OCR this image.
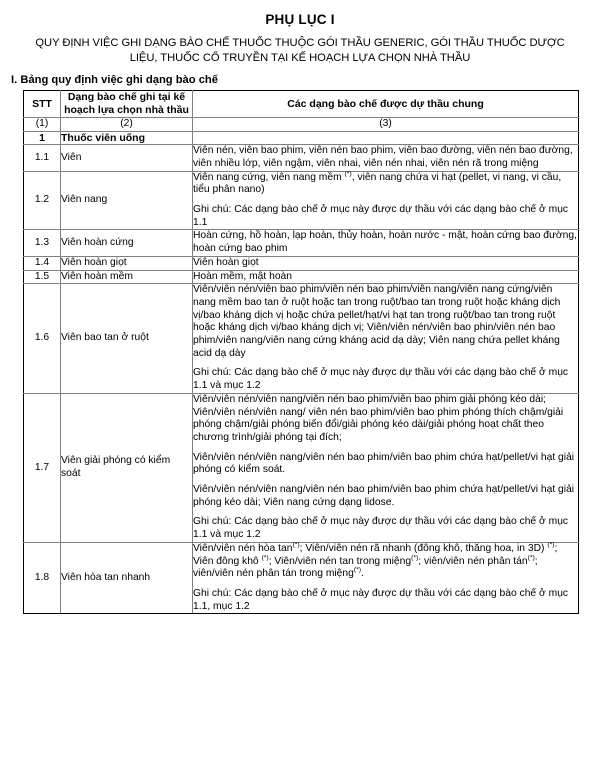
PHỤ LỤC I
QUY ĐỊNH VIỆC GHI DẠNG BÀO CHẾ THUỐC THUỘC GÓI THẦU GENERIC, GÓI THẦU THUỐC DƯỢC LIỆU, THUỐC CỔ TRUYỀN TẠI KẾ HOẠCH LỰA CHỌN NHÀ THẦU
I. Bảng quy định việc ghi dạng bào chế
STT	Dạng bào chế ghi tại kế hoạch lựa chọn nhà thầu	Các dạng bào chế được dự thầu chung
(1)	(2)	(3)
1	Thuốc viên uống	
1.1	Viên	Viên nén, viên bao phim, viên nén bao phim, viên bao đường, viên nén bao đường, viên nhiều lớp, viên ngậm, viên nhai, viên nén nhai, viên nén rã trong miệng

1.2	Viên nang	Viên nang cứng, viên nang mềm (*), viên nang chứa vi hạt (pellet, vi nang, vi cầu, tiểu phân nano)

Ghi chú: Các dạng bào chế ở mục này được dự thầu với các dạng bào chế ở mục 1.1

1.3	Viên hoàn cứng	Hoàn cứng, hồ hoàn, lạp hoàn, thủy hoàn, hoàn nước - mật, hoàn cứng bao đường, hoàn cứng bao phim

1.4	Viên hoàn giọt	Viên hoàn giọt

1.5	Viên hoàn mềm	Hoàn mềm, mật hoàn

1.6	Viên bao tan ở ruột	Viên/viên nén/viên bao phim/viên nén bao phim/viên nang/viên nang cứng/viên nang mềm bao tan ở ruột hoặc tan trong ruột/bao tan trong ruột hoặc kháng dịch vị/bao kháng dịch vị hoặc chứa pellet/hạt/vi hạt tan trong ruột/bao tan trong ruột hoặc kháng dịch vị/bao kháng dịch vị; Viên/viên nén/viên bao phin/viên nén bao phim/viên nang/viên nang cứng kháng acid dạ dày; Viên nang chứa pellet kháng acid dạ dày

Ghi chú: Các dạng bào chế ở mục này được dự thầu với các dạng bào chế ở mục 1.1 và mục 1.2

1.7	Viên giải phóng có kiểm soát	Viên/viên nén/viên nang/viên nén bao phim/viên bao phim giải phóng kéo dài; Viên/viên nén/viên nang/ viên nén bao phim/viên bao phim phóng thích chậm/giải phóng chậm/giải phóng biến đổi/giải phóng kéo dài/giải phóng hoạt chất theo chương trình/giải phóng tại đích;

Viên/viên nén/viên nang/viên nén bao phim/viên bao phim chứa hạt/pellet/vi hạt giải phóng có kiểm soát.

Viên/viên nén/viên nang/viên nén bao phim/viên bao phim chứa hạt/pellet/vi hạt giải phóng kéo dài; Viên nang cứng dạng lidose.

Ghi chú: Các dạng bào chế ở mục này được dự thầu với các dạng bào chế ở mục 1.1 và mục 1.2

1.8	Viên hòa tan nhanh	Viên/viên nén hòa tan(*); Viên/viên nén rã nhanh (đông khô, thăng hoa, in 3D) (*); Viên đông khô (*); Viên/viên nén tan trong miệng(*); viên/viên nén phân tán(*); viên/viên nén phân tán trong miệng(*).

Ghi chú: Các dạng bào chế ở mục này được dự thầu với các dạng bào chế ở mục 1.1, mục 1.2
